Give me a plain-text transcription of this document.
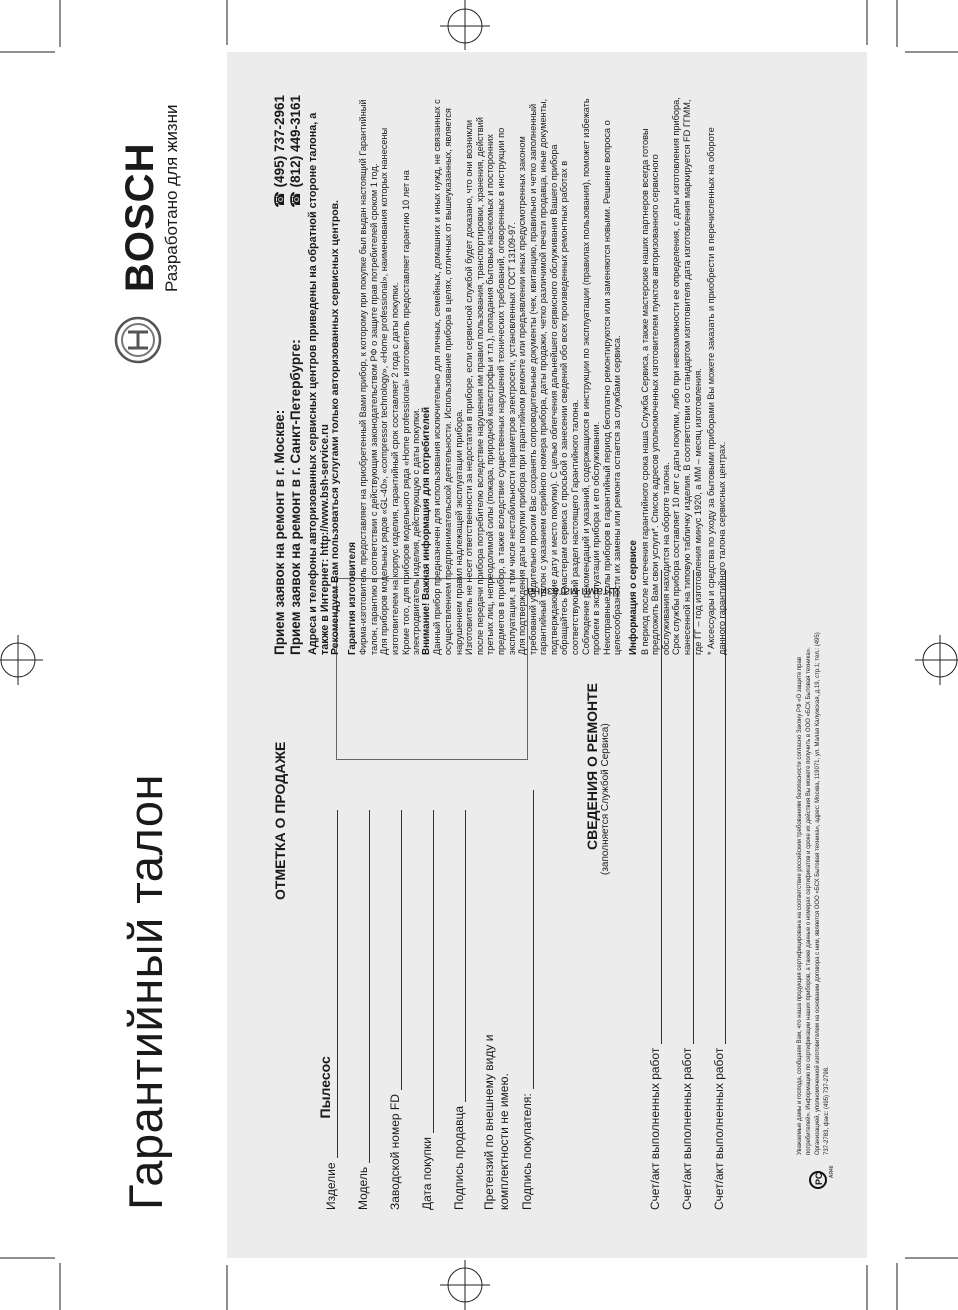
Гарантийный талон	ОТМЕТКА О ПРОДАЖЕ
Изделие
Пылесос
Модель Заводской номер FD Дата покупки Подпись продавца Претензий по внешнему виду и комплектности не имею. Подпись покупателя:
Штамп магазина
СВЕДЕНИЯ О РЕМОНТЕ (заполняется Службой Сервиса)
Счет/акт выполненных работ Счет/акт выполненных работ Счет/акт выполненных работ	PC
АЯ46
Уважаемые дамы и господа, сообщаем Вам, что наша продукция сертифицирована на соответствие российским требованиям безопасности согласно Закону РФ «О защите прав потребителей». Информацию по сертификации наших приборов, а также данные о номерах сертификатов и сроке их действия Вы можете получить в ООО «БСХ Бытовая техника». Организацией, уполномоченной изготовителем на основании договора с ним, является ООО «БСХ Бытовая техника», адрес: Москва, 119071, ул. Малая Калужская, д.19, стр.1; тел.: (495) 737-2783, факс: (495) 737-2798.
Прием заявок на ремонт в г. Москве:
☎ (495) 737-2961
Прием заявок на ремонт в г. Санкт-Петербурге:
☎ (812) 449-3161 Адреса и телефоны авторизованных сервисных центров приведены на обратной стороне талона, а также в Интернет: http://www.bsh-service.ru Рекомендуем Вам пользоваться услугами только авторизованных сервисных центров. Гарантия изготовителя Фирма-изготовитель предоставляет на приобретенный Вами прибор, к которому при покупке был выдан настоящий Гарантийный талон, гарантию в соответствии с действующим законодательством РФ о защите прав потребителей сроком 1 год. Для приборов модельных рядов «GL-40», «compressor technology», «Home professional», наименования которых нанесены изготовителем на корпус изделия, гарантийный срок составляет 2 года с даты покупки. Кроме того, для приборов модельного ряда «Home professional» изготовитель предоставляет гарантию 10 лет на электродвигатель изделия, действующую с даты покупки. Внимание! Важная информация для потребителей Данный прибор предназначен для использования исключительно для личных, семейных, домашних и иных нужд, не связанных с осуществлением предпринимательской деятельности. Использование прибора в целях, отличных от вышеуказанных, является нарушением правил надлежащей эксплуатации прибора. Изготовитель не несет ответственности за недостатки в приборе, если сервисной службой будет доказано, что они возникли после передачи прибора потребителю вследствие нарушения им правил пользования, транспортировки, хранения, действий третьих лиц, непреодолимой силы (пожара, природной катастрофы и т.п.), попадания бытовых насекомых и посторонних предметов в прибор, а также вследствие существенных нарушений технических требований, оговоренных в инструкции по эксплуатации, в том числе нестабильности параметров электросети, установленных ГОСТ 13109-97. Для подтверждения даты покупки прибора при гарантийном ремонте или предъявлении иных предусмотренных законом требований убедительно просим Вас сохранять сопроводительные документы (чек, квитанцию, правильно и четко заполненный гарантийный талон с указанием серийного номера прибора, даты продажи, четко различимой печати продавца, иные документы, подтверждающие дату и место покупки). С целью облегчения дальнейшего сервисного обслуживания Вашего прибора обращайтесь к мастерам сервиса с просьбой о занесении сведений обо всех произведенных ремонтных работах в соответствующий раздел настоящего Гарантийного талона. Соблюдение рекомендаций и указаний, содержащихся в инструкции по эксплуатации (правилах пользования), поможет избежать проблем в эксплуатации прибора и его обслуживании. Неисправные узлы приборов в гарантийный период бесплатно ремонтируются или заменяются новыми. Решение вопроса о целесообразности их замены или ремонта остается за службами сервиса. Информация о сервисе В период после истечения гарантийного срока наша Служба Сервиса, а также мастерские наших партнеров всегда готовы предложить Вам свои услуги*. Список адресов уполномоченных изготовителем пунктов авторизованного сервисного обслуживания находится на обороте талона. Срок службы прибора составляет 10 лет с даты покупки, либо при невозможности ее определения, с даты изготовления прибора, нанесенной на типовую табличку изделия. В соответствии со стандартом изготовителя дата изготовления маркируется FD ГГММ, где ГГ – год изготовления минус 1920, а ММ – месяц изготовления. * Аксессуары и средства по уходу за бытовыми приборами Вы можете заказать и приобрести в перечисленных на обороте данного гарантийного талона сервисных центрах.

BOSCH Разработано для жизни
